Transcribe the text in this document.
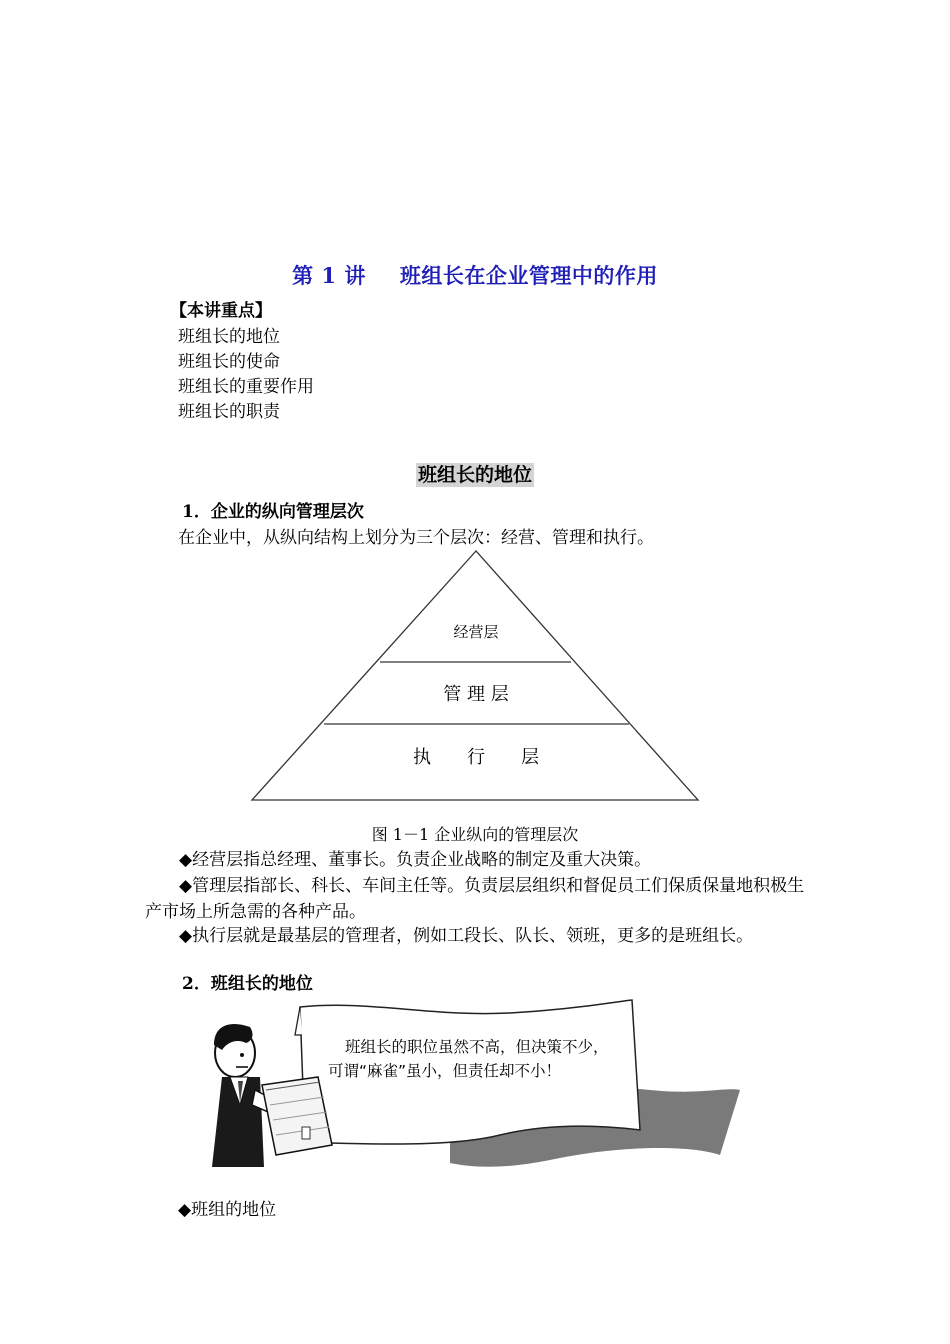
第 1 讲 班组长在企业管理中的作用
【本讲重点】
班组长的地位
班组长的使命
班组长的重要作用
班组长的职责
班组长的地位
1．企业的纵向管理层次
在企业中，从纵向结构上划分为三个层次：经营、管理和执行。
经营层
管 理 层
执　　行　　层
图 1－1 企业纵向的管理层次
◆经营层指总经理、董事长。负责企业战略的制定及重大决策。
◆管理层指部长、科长、车间主任等。负责层层组织和督促员工们保质保量地积极生产市场上所急需的各种产品。
◆执行层就是最基层的管理者，例如工段长、队长、领班，更多的是班组长。
2．班组长的地位
班组长的职位虽然不高，但决策不少，
可谓“麻雀”虽小，但责任却不小！
◆班组的地位
